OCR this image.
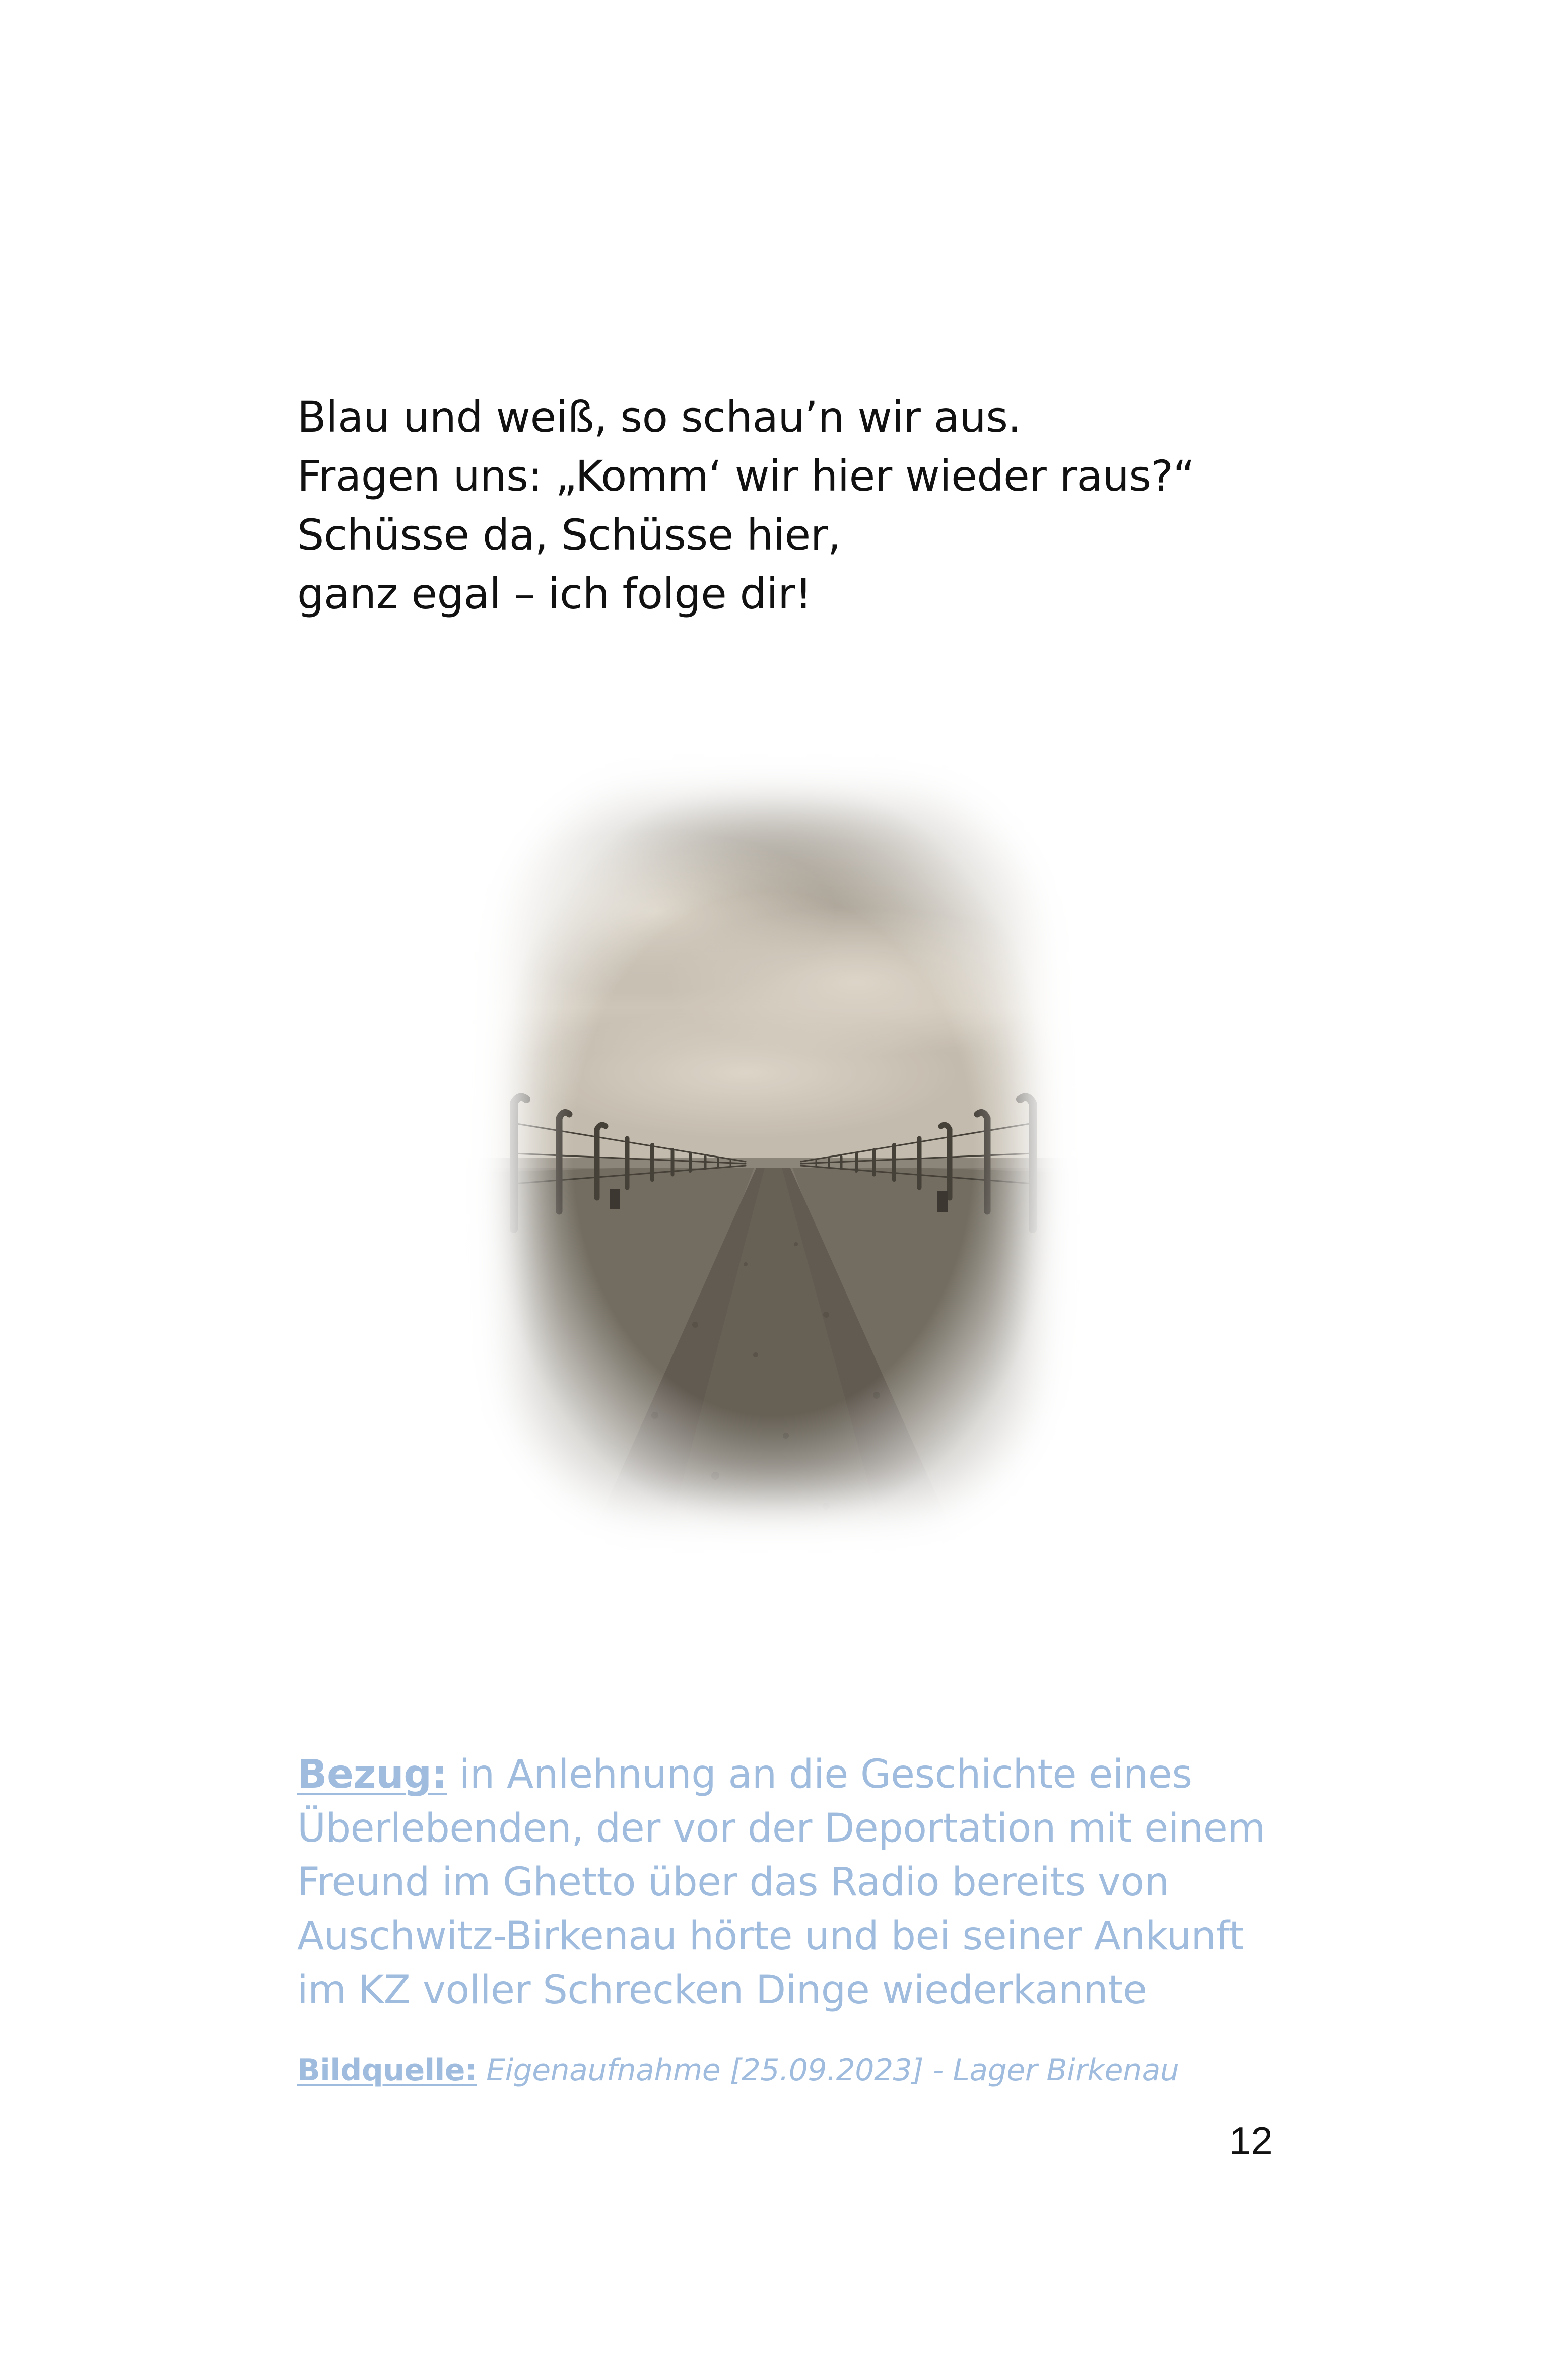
Blau und weiß, so schau’n wir aus.
Fragen uns: „Komm‘ wir hier wieder raus?“
Schüsse da, Schüsse hier,
ganz egal – ich folge dir!
Bezug: in Anlehnung an die Geschichte eines
Überlebenden, der vor der Deportation mit einem
Freund im Ghetto über das Radio bereits von
Auschwitz-Birkenau hörte und bei seiner Ankunft
im KZ voller Schrecken Dinge wiederkannte
Bildquelle: Eigenaufnahme [25.09.2023] - Lager Birkenau
12
